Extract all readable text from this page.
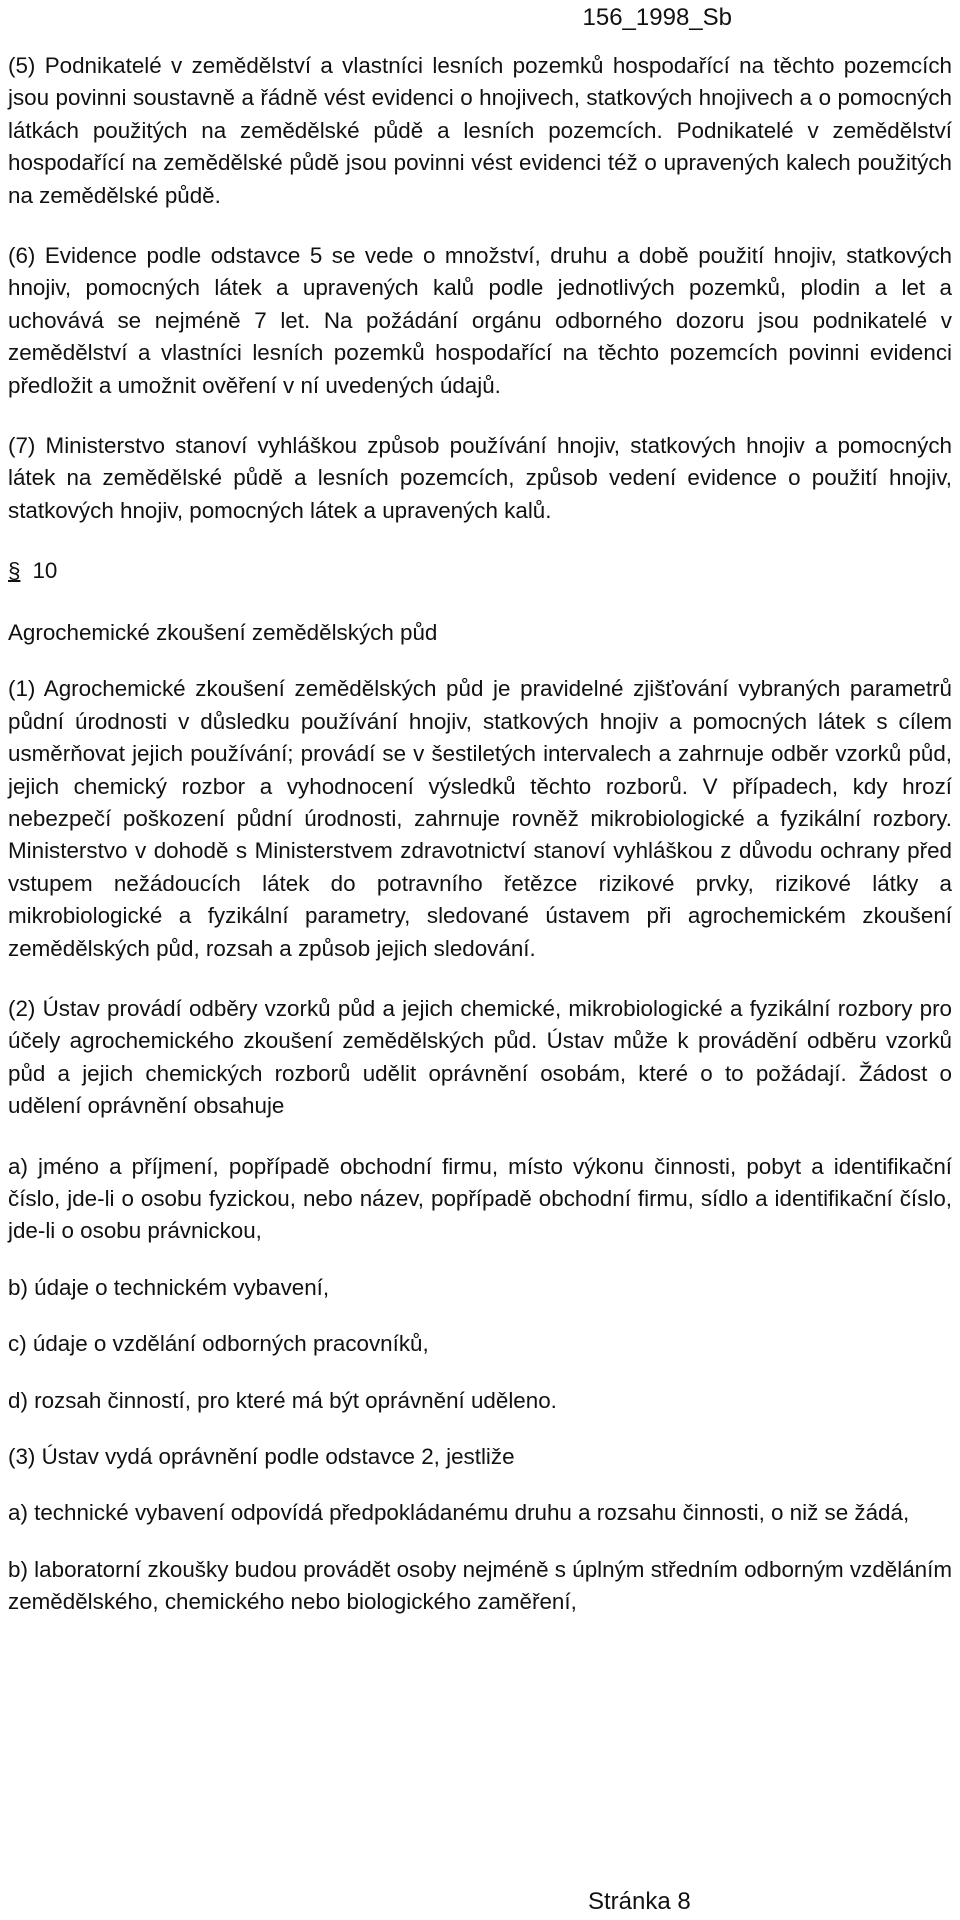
156_1998_Sb

(5) Podnikatelé v zemědělství a vlastníci lesních pozemků hospodařící na těchto pozemcích jsou povinni soustavně a řádně vést evidenci o hnojivech, statkových hnojivech a o pomocných látkách použitých na zemědělské půdě a lesních pozemcích. Podnikatelé v zemědělství hospodařící na zemědělské půdě jsou povinni vést evidenci též o upravených kalech použitých na zemědělské půdě.

(6) Evidence podle odstavce 5 se vede o množství, druhu a době použití hnojiv, statkových hnojiv, pomocných látek a upravených kalů podle jednotlivých pozemků, plodin a let a uchovává se nejméně 7 let. Na požádání orgánu odborného dozoru jsou podnikatelé v zemědělství a vlastníci lesních pozemků hospodařící na těchto pozemcích povinni evidenci předložit a umožnit ověření v ní uvedených údajů.

(7) Ministerstvo stanoví vyhláškou způsob používání hnojiv, statkových hnojiv a pomocných látek na zemědělské půdě a lesních pozemcích, způsob vedení evidence o použití hnojiv, statkových hnojiv, pomocných látek a upravených kalů.

§ 10
Agrochemické zkoušení zemědělských půd

(1) Agrochemické zkoušení zemědělských půd je pravidelné zjišťování vybraných parametrů půdní úrodnosti v důsledku používání hnojiv, statkových hnojiv a pomocných látek s cílem usměrňovat jejich používání; provádí se v šestiletých intervalech a zahrnuje odběr vzorků půd, jejich chemický rozbor a vyhodnocení výsledků těchto rozborů. V případech, kdy hrozí nebezpečí poškození půdní úrodnosti, zahrnuje rovněž mikrobiologické a fyzikální rozbory. Ministerstvo v dohodě s Ministerstvem zdravotnictví stanoví vyhláškou z důvodu ochrany před vstupem nežádoucích látek do potravního řetězce rizikové prvky, rizikové látky a mikrobiologické a fyzikální parametry, sledované ústavem při agrochemickém zkoušení zemědělských půd, rozsah a způsob jejich sledování.

(2) Ústav provádí odběry vzorků půd a jejich chemické, mikrobiologické a fyzikální rozbory pro účely agrochemického zkoušení zemědělských půd. Ústav může k provádění odběru vzorků půd a jejich chemických rozborů udělit oprávnění osobám, které o to požádají. Žádost o udělení oprávnění obsahuje

a) jméno a příjmení, popřípadě obchodní firmu, místo výkonu činnosti, pobyt a identifikační číslo, jde-li o osobu fyzickou, nebo název, popřípadě obchodní firmu, sídlo a identifikační číslo, jde-li o osobu právnickou,

b) údaje o technickém vybavení,

c) údaje o vzdělání odborných pracovníků,

d) rozsah činností, pro které má být oprávnění uděleno.

(3) Ústav vydá oprávnění podle odstavce 2, jestliže

a) technické vybavení odpovídá předpokládanému druhu a rozsahu činnosti, o niž se žádá,

b) laboratorní zkoušky budou provádět osoby nejméně s úplným středním odborným vzděláním zemědělského, chemického nebo biologického zaměření,

Stránka 8
